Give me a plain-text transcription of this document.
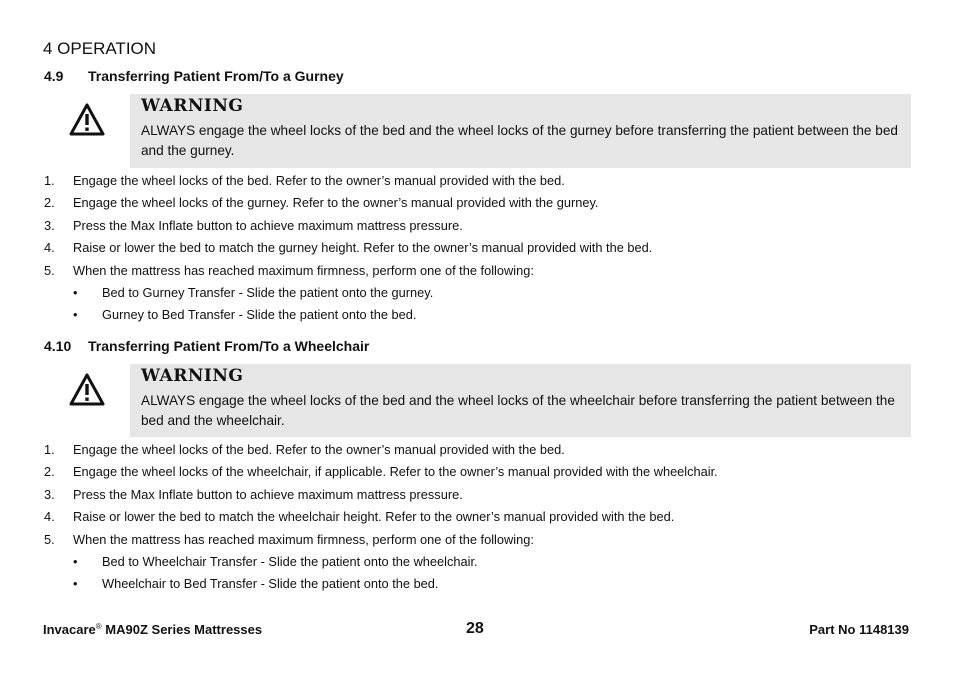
4 OPERATION
4.9 Transferring Patient From/To a Gurney
WARNING
ALWAYS engage the wheel locks of the bed and the wheel locks of the gurney before transferring the patient between the bed and the gurney.
1. Engage the wheel locks of the bed. Refer to the owner’s manual provided with the bed.
2. Engage the wheel locks of the gurney. Refer to the owner’s manual provided with the gurney.
3. Press the Max Inflate button to achieve maximum mattress pressure.
4. Raise or lower the bed to match the gurney height. Refer to the owner’s manual provided with the bed.
5. When the mattress has reached maximum firmness, perform one of the following:
• Bed to Gurney Transfer - Slide the patient onto the gurney.
• Gurney to Bed Transfer - Slide the patient onto the bed.
4.10 Transferring Patient From/To a Wheelchair
WARNING
ALWAYS engage the wheel locks of the bed and the wheel locks of the wheelchair before transferring the patient between the bed and the wheelchair.
1. Engage the wheel locks of the bed. Refer to the owner’s manual provided with the bed.
2. Engage the wheel locks of the wheelchair, if applicable. Refer to the owner’s manual provided with the wheelchair.
3. Press the Max Inflate button to achieve maximum mattress pressure.
4. Raise or lower the bed to match the wheelchair height. Refer to the owner’s manual provided with the bed.
5. When the mattress has reached maximum firmness, perform one of the following:
• Bed to Wheelchair Transfer - Slide the patient onto the wheelchair.
• Wheelchair to Bed Transfer - Slide the patient onto the bed.
Invacare® MA90Z Series Mattresses	28	Part No 1148139
